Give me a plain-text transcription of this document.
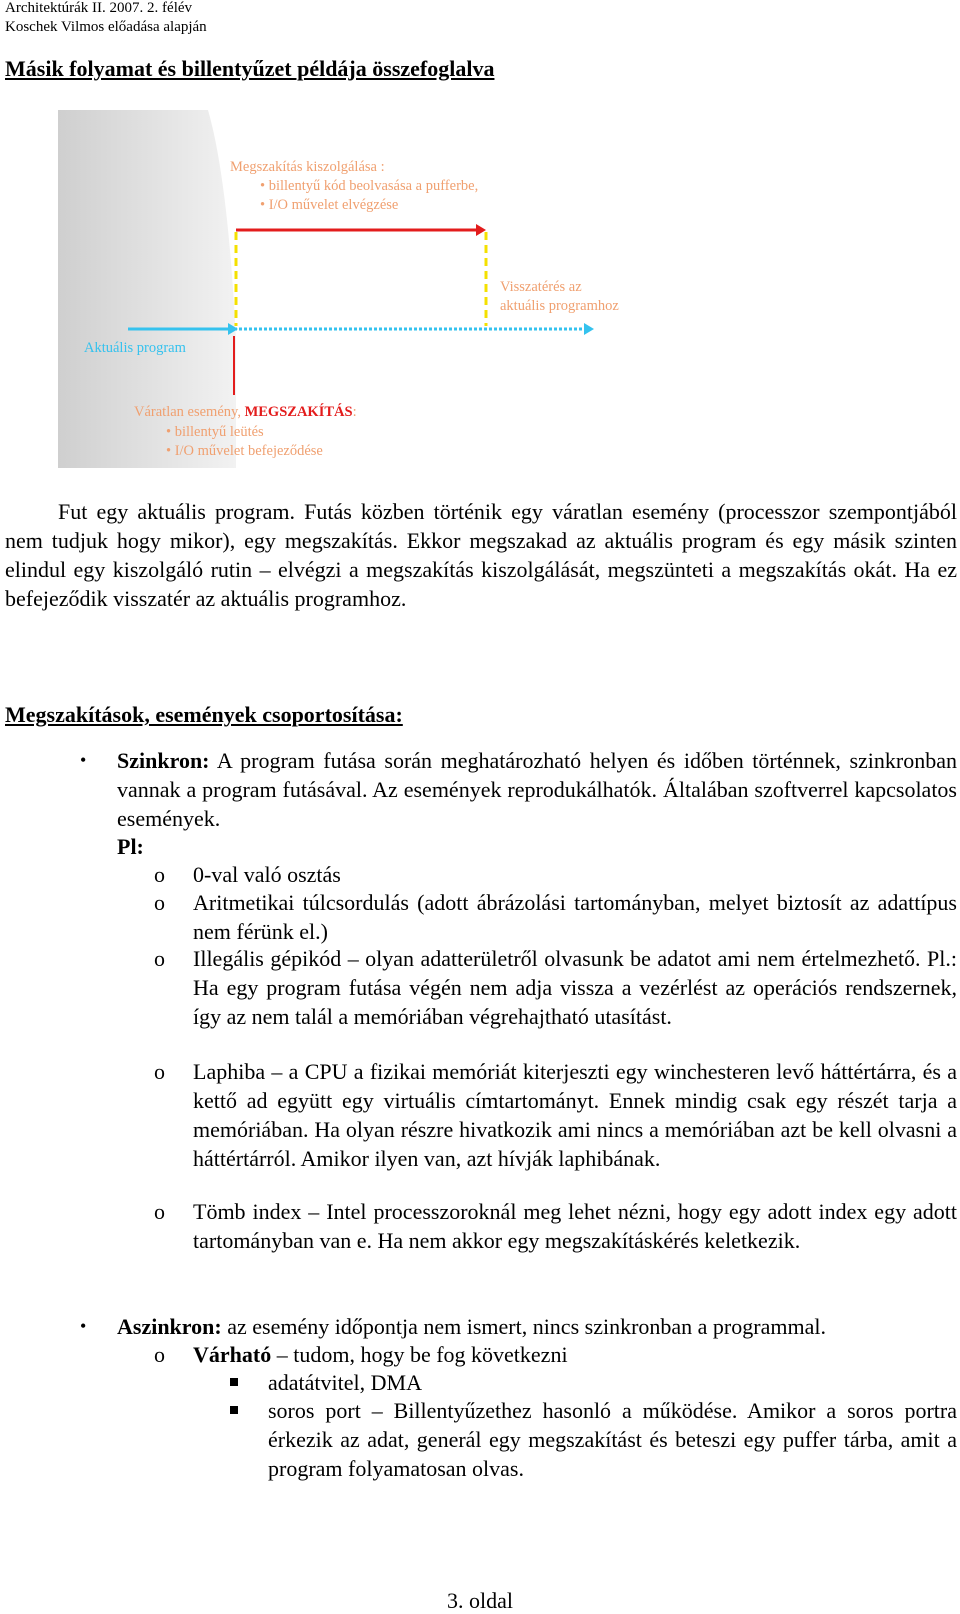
Architektúrák II. 2007. 2. félév
Koschek Vilmos előadása alapján
Másik folyamat és billentyűzet példája összefoglalva
Megszakítás kiszolgálása :
• billentyű kód beolvasása a pufferbe,
• I/O művelet elvégzése
Visszatérés az
aktuális programhoz
Aktuális program
Váratlan esemény, MEGSZAKÍTÁS:
• billentyű leütés
• I/O művelet befejeződése

Fut egy aktuális program. Futás közben történik egy váratlan esemény (processzor szempontjából nem tudjuk hogy mikor), egy megszakítás. Ekkor megszakad az aktuális program és egy másik szinten elindul egy kiszolgáló rutin – elvégzi a megszakítás kiszolgálását, megszünteti a megszakítás okát. Ha ez befejeződik visszatér az aktuális programhoz.

Megszakítások, események csoportosítása:
• Szinkron: A program futása során meghatározható helyen és időben történnek, szinkronban vannak a program futásával. Az események reprodukálhatók. Általában szoftverrel kapcsolatos események.
Pl:
o 0-val való osztás
o Aritmetikai túlcsordulás (adott ábrázolási tartományban, melyet biztosít az adattípus nem férünk el.)
o Illegális gépikód – olyan adatterületről olvasunk be adatot ami nem értelmezhető. Pl.: Ha egy program futása végén nem adja vissza a vezérlést az operációs rendszernek, így az nem talál a memóriában végrehajtható utasítást.
o Laphiba – a CPU a fizikai memóriát kiterjeszti egy winchesteren levő háttértárra, és a kettő ad együtt egy virtuális címtartományt. Ennek mindig csak egy részét tarja a memóriában. Ha olyan részre hivatkozik ami nincs a memóriában azt be kell olvasni a háttértárról. Amikor ilyen van, azt hívják laphibának.
o Tömb index – Intel processzoroknál meg lehet nézni, hogy egy adott index egy adott tartományban van e. Ha nem akkor egy megszakításkérés keletkezik.
• Aszinkron: az esemény időpontja nem ismert, nincs szinkronban a programmal.
o Várható – tudom, hogy be fog következni
adatátvitel, DMA
soros port – Billentyűzethez hasonló a működése. Amikor a soros portra érkezik az adat, generál egy megszakítást és beteszi egy puffer tárba, amit a program folyamatosan olvas.
3. oldal
